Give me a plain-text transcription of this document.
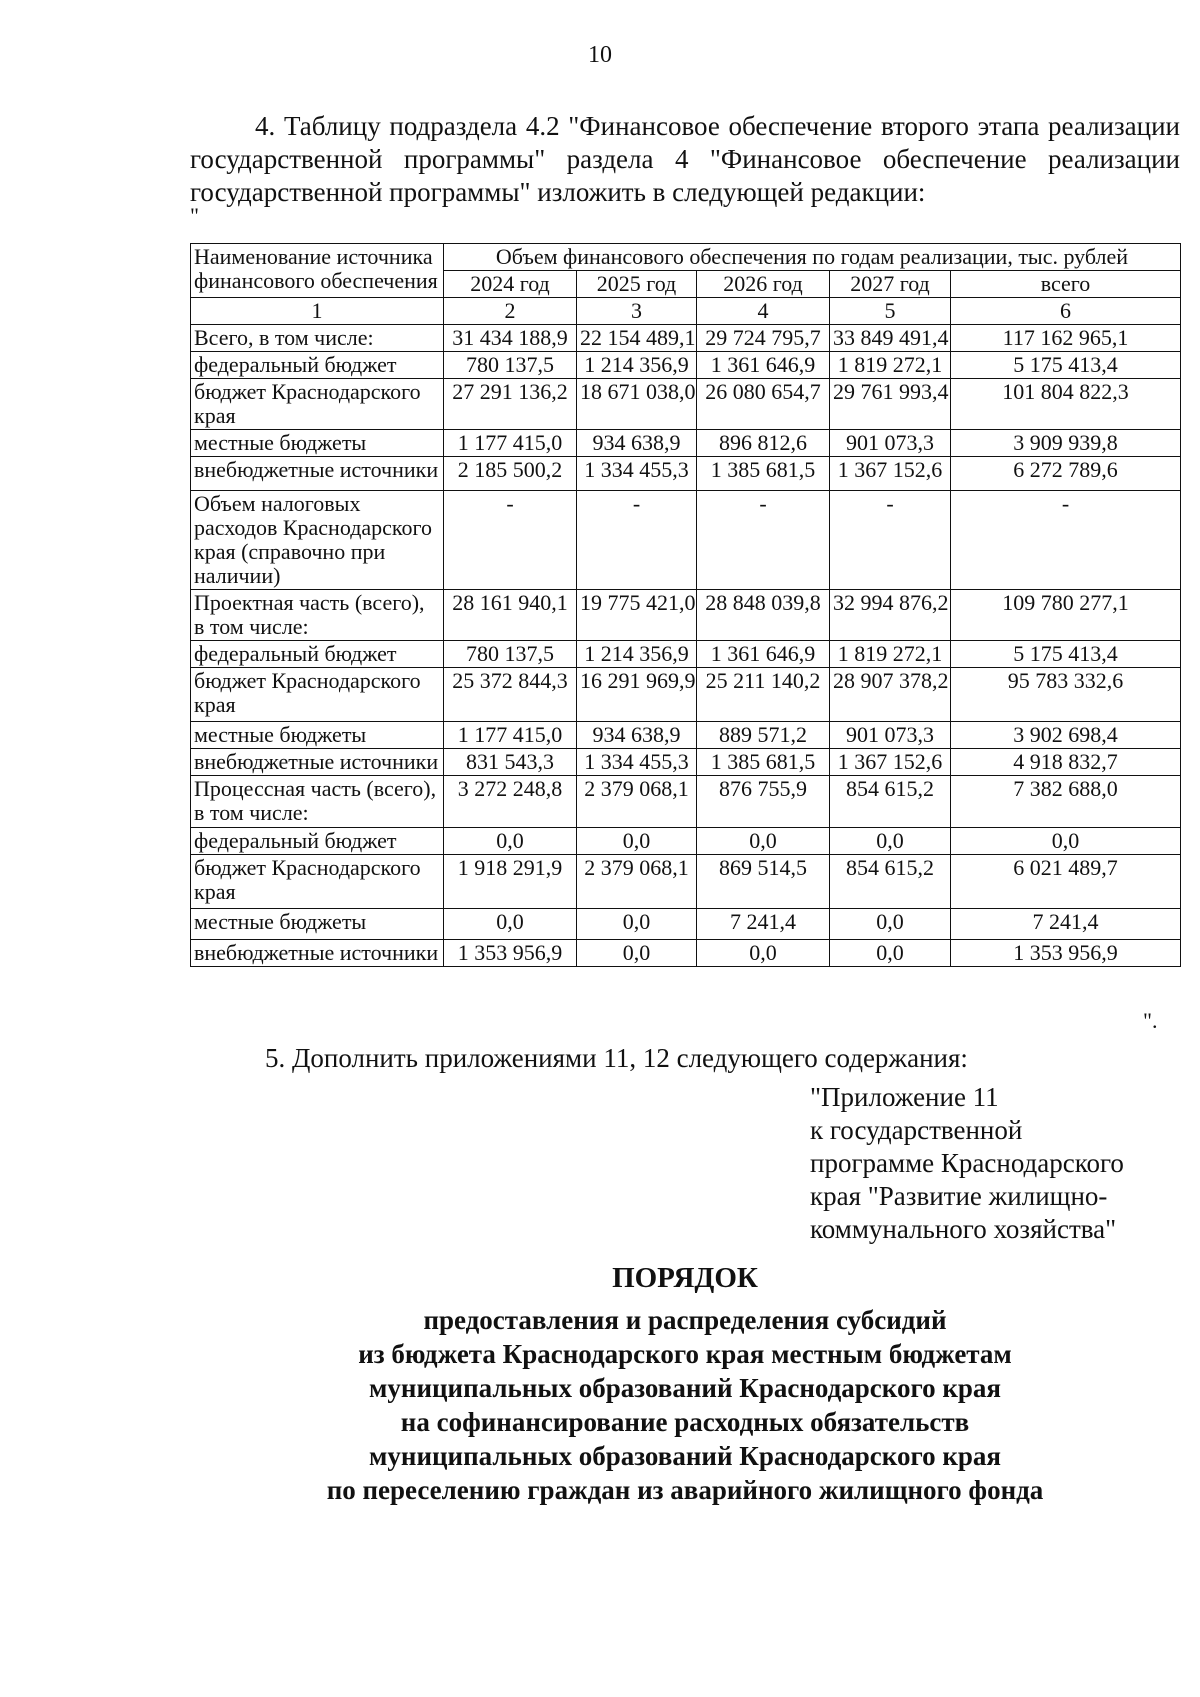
10

4. Таблицу подраздела 4.2 "Финансовое обеспечение второго этапа реализации государственной программы" раздела 4 "Финансовое обеспечение реализации государственной программы" изложить в следующей редакции:

"
Наименование источника финансового обеспечения	Объем финансового обеспечения по годам реализации, тыс. рублей				
	2024 год	2025 год	2026 год	2027 год	всего
1	2	3	4	5	6
Всего, в том числе:	31 434 188,9	22 154 489,1	29 724 795,7	33 849 491,4	117 162 965,1
федеральный бюджет	780 137,5	1 214 356,9	1 361 646,9	1 819 272,1	5 175 413,4
бюджет Краснодарского края	27 291 136,2	18 671 038,0	26 080 654,7	29 761 993,4	101 804 822,3
местные бюджеты	1 177 415,0	934 638,9	896 812,6	901 073,3	3 909 939,8
внебюджетные источники	2 185 500,2	1 334 455,3	1 385 681,5	1 367 152,6	6 272 789,6
Объем налоговых расходов Краснодарского края (справочно при наличии)	-	-	-	-	-
Проектная часть (всего), в том числе:	28 161 940,1	19 775 421,0	28 848 039,8	32 994 876,2	109 780 277,1
федеральный бюджет	780 137,5	1 214 356,9	1 361 646,9	1 819 272,1	5 175 413,4
бюджет Краснодарского края	25 372 844,3	16 291 969,9	25 211 140,2	28 907 378,2	95 783 332,6
местные бюджеты	1 177 415,0	934 638,9	889 571,2	901 073,3	3 902 698,4
внебюджетные источники	831 543,3	1 334 455,3	1 385 681,5	1 367 152,6	4 918 832,7
Процессная часть (всего), в том числе:	3 272 248,8	2 379 068,1	876 755,9	854 615,2	7 382 688,0
федеральный бюджет	0,0	0,0	0,0	0,0	0,0
бюджет Краснодарского края	1 918 291,9	2 379 068,1	869 514,5	854 615,2	6 021 489,7
местные бюджеты	0,0	0,0	7 241,4	0,0	7 241,4
внебюджетные источники	1 353 956,9	0,0	0,0	0,0	1 353 956,9
".

5. Дополнить приложениями 11, 12 следующего содержания:

"Приложение 11
к государственной
программе Краснодарского
края "Развитие жилищно-
коммунального хозяйства"
ПОРЯДОК
предоставления и распределения субсидий
из бюджета Краснодарского края местным бюджетам
муниципальных образований Краснодарского края
на софинансирование расходных обязательств
муниципальных образований Краснодарского края
по переселению граждан из аварийного жилищного фонда
